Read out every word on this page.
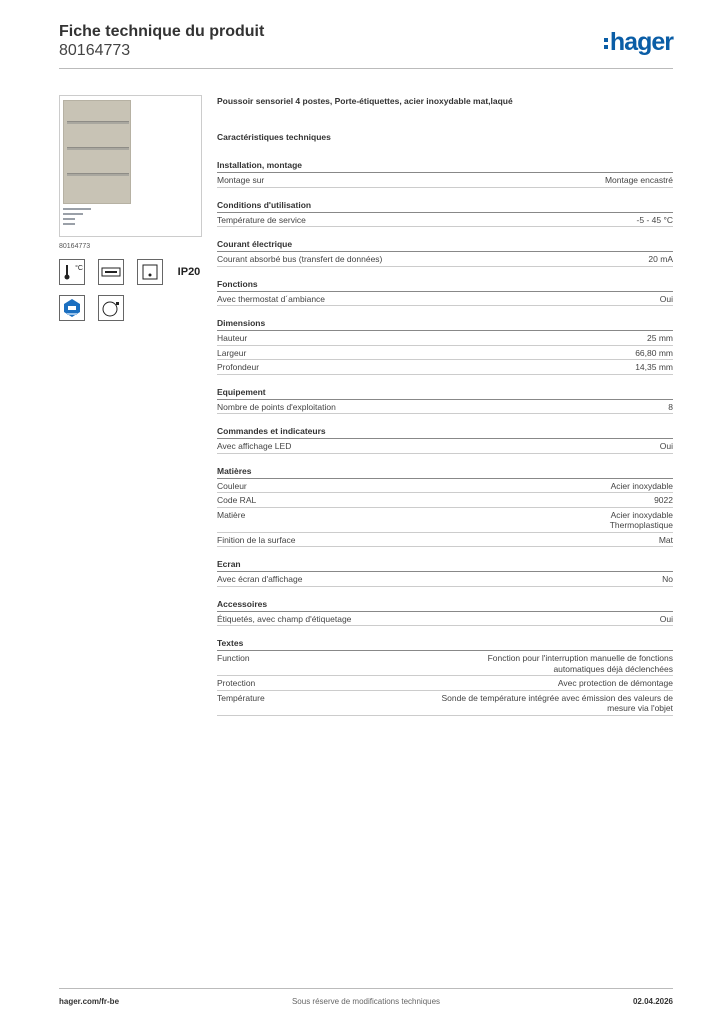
Fiche technique du produit
80164773	hager
80164773
°C	IP20
Poussoir sensoriel 4 postes, Porte-étiquettes, acier inoxydable mat,laqué
Caractéristiques techniques
Installation, montage
Montage sur	Montage encastré
Conditions d'utilisation
Température de service	-5 - 45 °C
Courant électrique
Courant absorbé bus (transfert de données)	20 mA
Fonctions
Avec thermostat d´ambiance	Oui
Dimensions
Hauteur	25 mm
Largeur	66,80 mm
Profondeur	14,35 mm
Equipement
Nombre de points d'exploitation	8
Commandes et indicateurs
Avec affichage LED	Oui
Matières
Couleur	Acier inoxydable
Code RAL	9022
Matière	Acier inoxydable
Thermoplastique
Finition de la surface	Mat
Ecran
Avec écran d'affichage	No
Accessoires
Étiquetés, avec champ d'étiquetage	Oui
Textes
Function	Fonction pour l'interruption manuelle de fonctions
automatiques déjà déclenchées
Protection	Avec protection de démontage
Température	Sonde de température intégrée avec émission des valeurs de
mesure via l'objet
hager.com/fr-be	Sous réserve de modifications techniques	02.04.2026
